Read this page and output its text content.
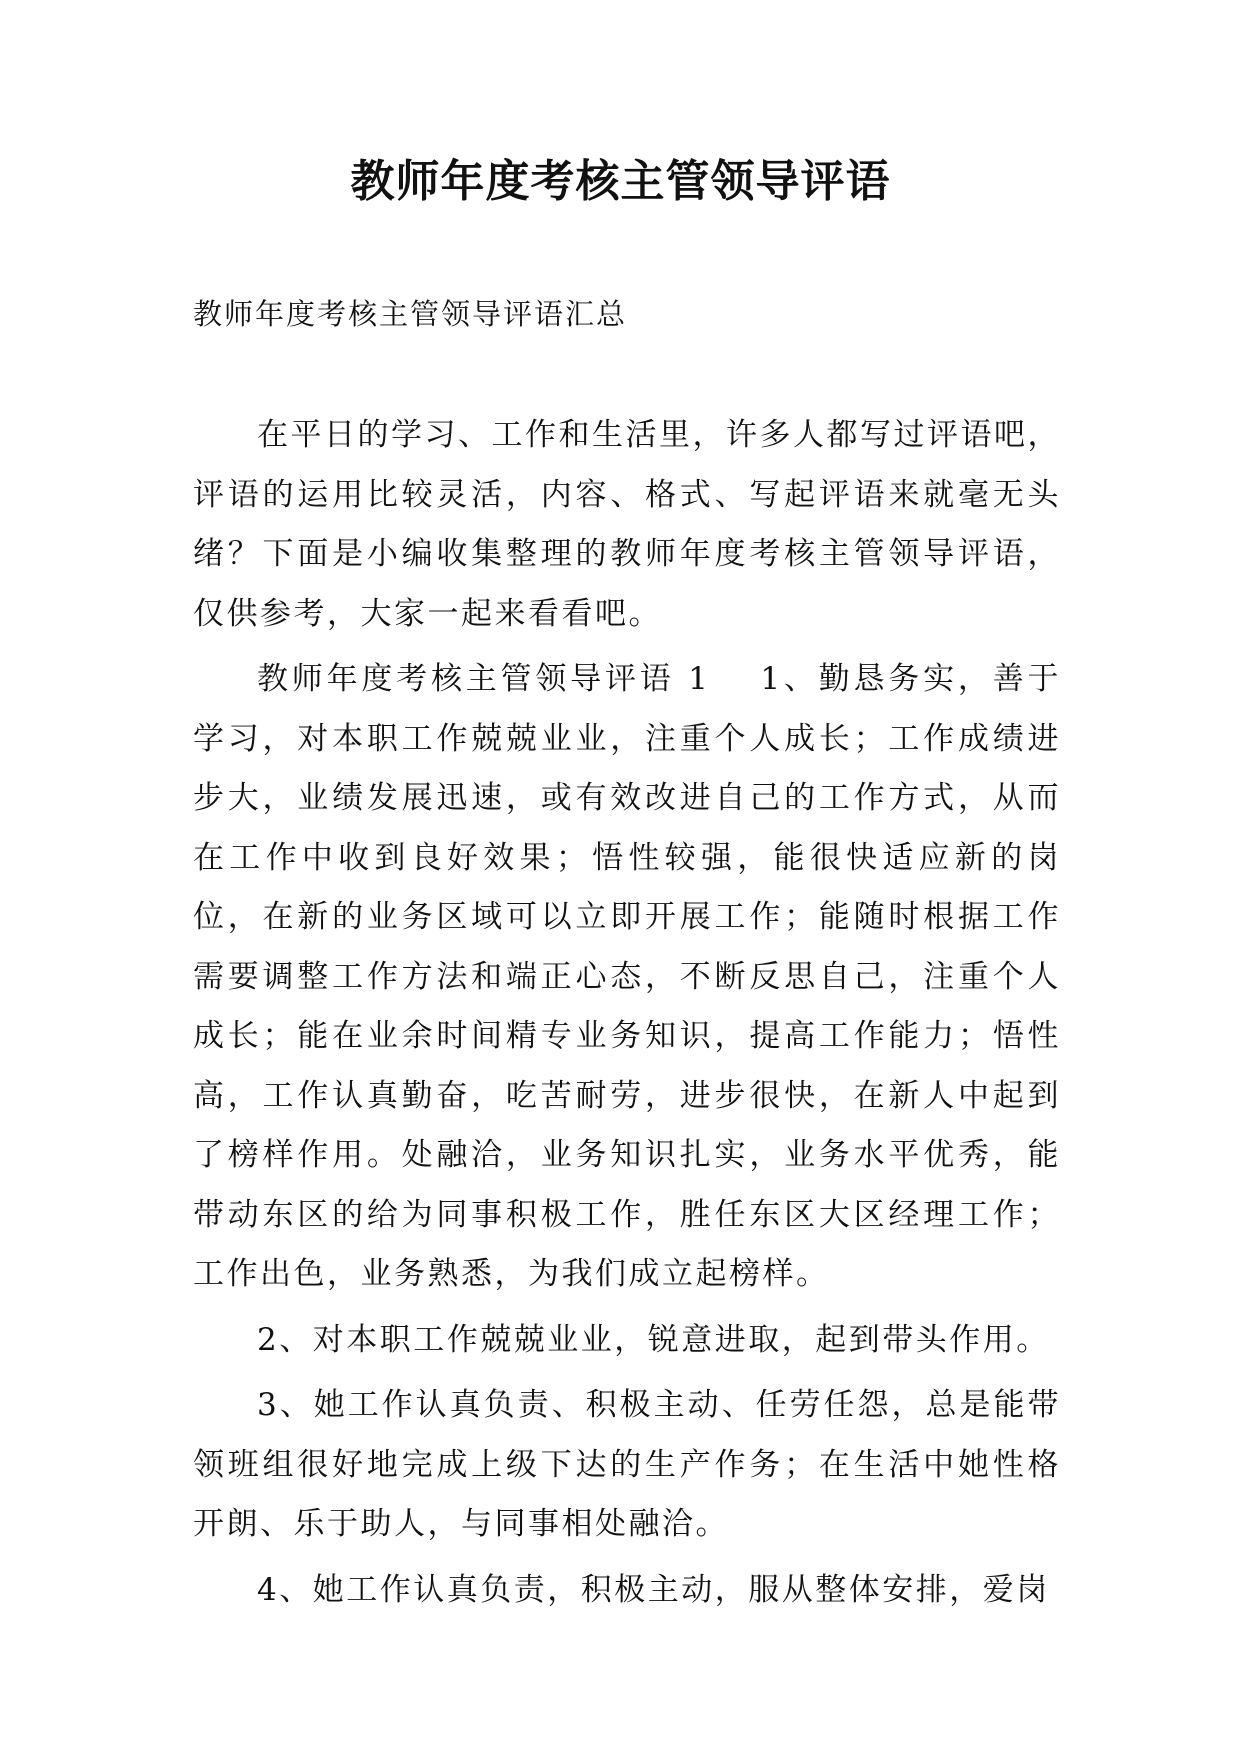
教师年度考核主管领导评语
教师年度考核主管领导评语汇总

在平日的学习、工作和生活里，许多人都写过评语吧，评语的运用比较灵活，内容、格式、写起评语来就毫无头绪？下面是小编收集整理的教师年度考核主管领导评语，仅供参考，大家一起来看看吧。

教师年度考核主管领导评语 1 1、勤恳务实，善于学习，对本职工作兢兢业业，注重个人成长；工作成绩进步大，业绩发展迅速，或有效改进自己的工作方式，从而在工作中收到良好效果；悟性较强，能很快适应新的岗位，在新的业务区域可以立即开展工作；能随时根据工作需要调整工作方法和端正心态，不断反思自己，注重个人成长；能在业余时间精专业务知识，提高工作能力；悟性高，工作认真勤奋，吃苦耐劳，进步很快，在新人中起到了榜样作用。处融洽，业务知识扎实，业务水平优秀，能带动东区的给为同事积极工作，胜任东区大区经理工作；工作出色，业务熟悉，为我们成立起榜样。

2、对本职工作兢兢业业，锐意进取，起到带头作用。

3、她工作认真负责、积极主动、任劳任怨，总是能带领班组很好地完成上级下达的生产作务；在生活中她性格开朗、乐于助人，与同事相处融洽。

4、她工作认真负责，积极主动，服从整体安排，爱岗
